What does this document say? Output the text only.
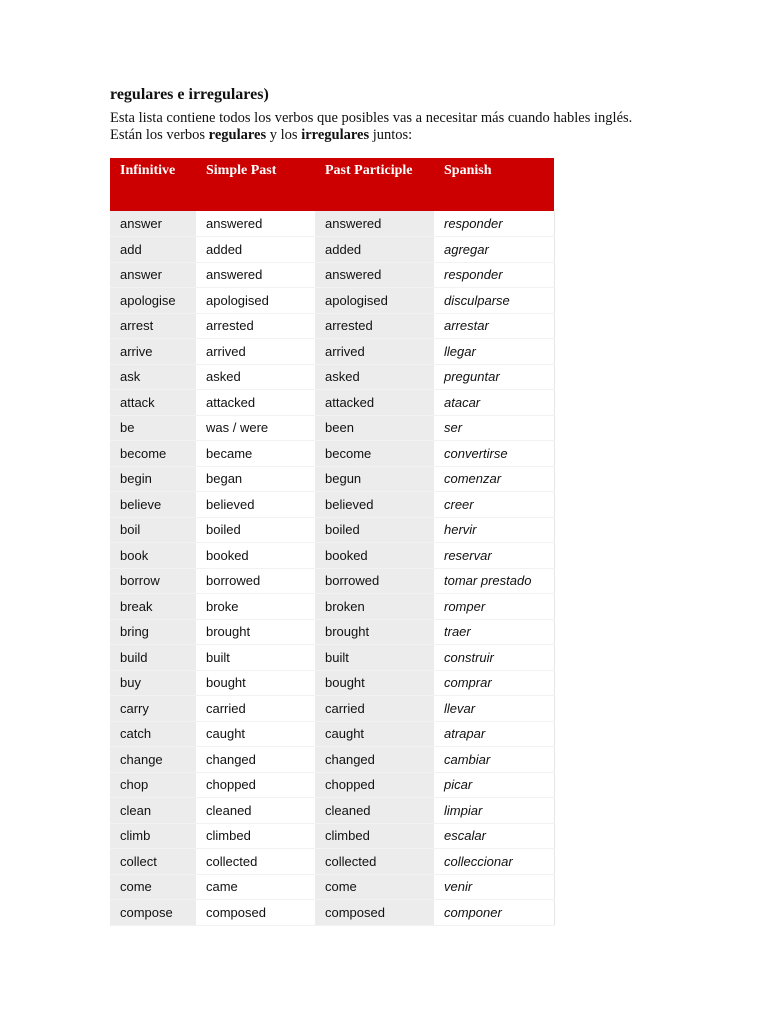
regulares e irregulares)

Esta lista contiene todos los verbos que posibles vas a necesitar más cuando hables inglés. Están los verbos regulares y los irregulares juntos:

Infinitive	Simple Past	Past Participle	Spanish
answer	answered	answered	responder
add	added	added	agregar
answer	answered	answered	responder
apologise	apologised	apologised	disculparse
arrest	arrested	arrested	arrestar
arrive	arrived	arrived	llegar
ask	asked	asked	preguntar
attack	attacked	attacked	atacar
be	was / were	been	ser
become	became	become	convertirse
begin	began	begun	comenzar
believe	believed	believed	creer
boil	boiled	boiled	hervir
book	booked	booked	reservar
borrow	borrowed	borrowed	tomar prestado
break	broke	broken	romper
bring	brought	brought	traer
build	built	built	construir
buy	bought	bought	comprar
carry	carried	carried	llevar
catch	caught	caught	atrapar
change	changed	changed	cambiar
chop	chopped	chopped	picar
clean	cleaned	cleaned	limpiar
climb	climbed	climbed	escalar
collect	collected	collected	colleccionar
come	came	come	venir
compose	composed	composed	componer
